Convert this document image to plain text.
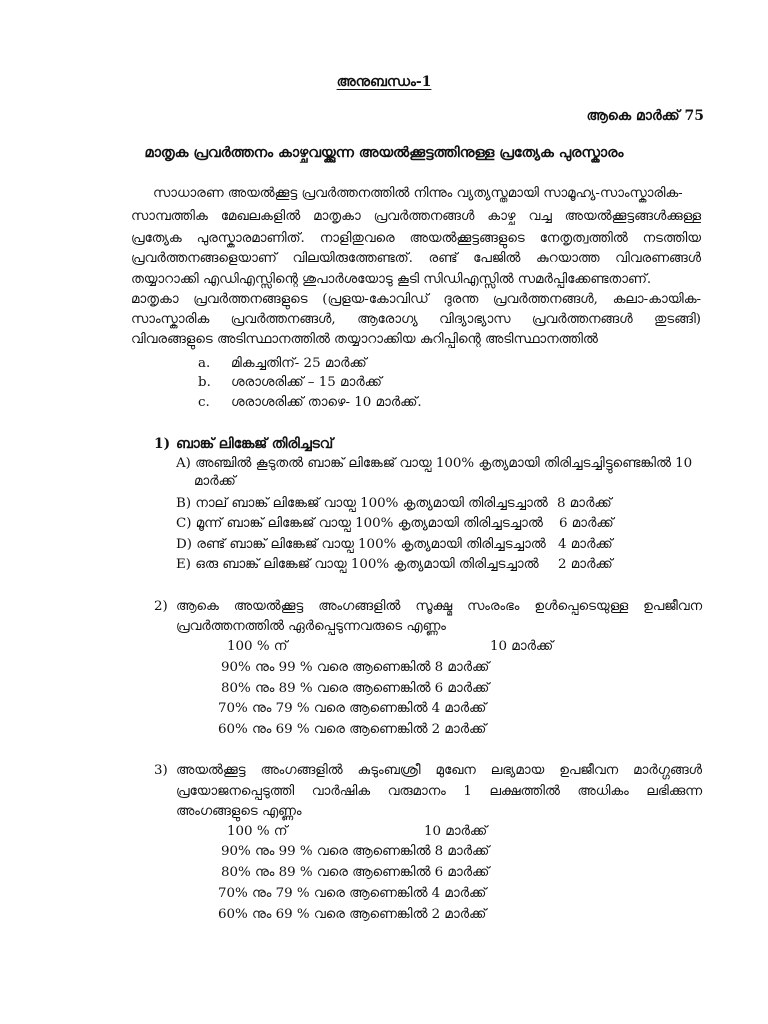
അനുബന്ധം-1
ആകെ മാർക്ക് 75
മാതൃക പ്രവർത്തനം കാഴ്ചവയ്ക്കുന്ന അയൽക്കൂട്ടത്തിനുള്ള പ്രത്യേക പുരസ്കാരം
സാധാരണ അയൽക്കൂട്ട പ്രവർത്തനത്തിൽ നിന്നും വ്യത്യസ്തമായി സാമൂഹ്യ-സാംസ്കാരിക-
സാമ്പത്തിക മേഖലകളിൽ മാതൃകാ പ്രവർത്തനങ്ങൾ കാഴ്ച വച്ച അയൽക്കൂട്ടങ്ങൾക്കുള്ള
പ്രത്യേക പുരസ്കാരമാണിത്. നാളിതുവരെ അയൽക്കൂട്ടങ്ങളുടെ നേതൃത്വത്തിൽ നടത്തിയ
പ്രവർത്തനങ്ങളെയാണ് വിലയിരുത്തേണ്ടത്. രണ്ട് പേജിൽ കുറയാത്ത വിവരണങ്ങൾ
തയ്യാറാക്കി എഡിഎസ്സിന്റെ ശുപാർശയോടു കൂടി സിഡിഎസ്സിൽ സമർപ്പിക്കേണ്ടതാണ്.
മാതൃകാ പ്രവർത്തനങ്ങളുടെ (പ്രളയ-കോവിഡ് ദുരന്ത പ്രവർത്തനങ്ങൾ, കലാ-കായിക-
സാംസ്കാരിക പ്രവർത്തനങ്ങൾ, ആരോഗ്യ വിദ്യാഭ്യാസ പ്രവർത്തനങ്ങൾ തുടങ്ങി)
വിവരങ്ങളുടെ അടിസ്ഥാനത്തിൽ തയ്യാറാക്കിയ കുറിപ്പിന്റെ അടിസ്ഥാനത്തിൽ
a. മികച്ചതിന്- 25 മാർക്ക്
b. ശരാശരിക്ക് – 15 മാർക്ക്
c. ശരാശരിക്ക് താഴെ- 10 മാർക്ക്.
1) ബാങ്ക് ലിങ്കേജ് തിരിച്ചടവ്
A) അഞ്ചിൽ കൂടുതൽ ബാങ്ക് ലിങ്കേജ് വായ്പ 100% കൃത്യമായി തിരിച്ചടച്ചിട്ടുണ്ടെങ്കിൽ 10
മാർക്ക്
B) നാല് ബാങ്ക് ലിങ്കേജ് വായ്പ 100% കൃത്യമായി തിരിച്ചടച്ചാൽ 8 മാർക്ക്
C) മൂന്ന് ബാങ്ക് ലിങ്കേജ് വായ്പ 100% കൃത്യമായി തിരിച്ചടച്ചാൽ 6 മാർക്ക്
D) രണ്ട് ബാങ്ക് ലിങ്കേജ് വായ്പ 100% കൃത്യമായി തിരിച്ചടച്ചാൽ 4 മാർക്ക്
E) ഒരു ബാങ്ക് ലിങ്കേജ് വായ്പ 100% കൃത്യമായി തിരിച്ചടച്ചാൽ 2 മാർക്ക്
2) ആകെ അയൽക്കൂട്ട അംഗങ്ങളിൽ സൂക്ഷ്മ സംരംഭം ഉൾപ്പെടെയുള്ള ഉപജീവന
പ്രവർത്തനത്തിൽ ഏർപ്പെടുന്നവരുടെ എണ്ണം
100 % ന്	10 മാർക്ക്
90% നും 99 % വരെ ആണെങ്കിൽ 8 മാർക്ക്
80% നും 89 % വരെ ആണെങ്കിൽ 6 മാർക്ക്
70% നും 79 % വരെ ആണെങ്കിൽ 4 മാർക്ക്
60% നും 69 % വരെ ആണെങ്കിൽ 2 മാർക്ക്
3) അയൽക്കൂട്ട അംഗങ്ങളിൽ കുടുംബശ്രീ മുഖേന ലഭ്യമായ ഉപജീവന മാർഗ്ഗങ്ങൾ
പ്രയോജനപ്പെടുത്തി വാർഷിക വരുമാനം 1 ലക്ഷത്തിൽ അധികം ലഭിക്കുന്ന
അംഗങ്ങളുടെ എണ്ണം
100 % ന്	10 മാർക്ക്
90% നും 99 % വരെ ആണെങ്കിൽ 8 മാർക്ക്
80% നും 89 % വരെ ആണെങ്കിൽ 6 മാർക്ക്
70% നും 79 % വരെ ആണെങ്കിൽ 4 മാർക്ക്
60% നും 69 % വരെ ആണെങ്കിൽ 2 മാർക്ക്
